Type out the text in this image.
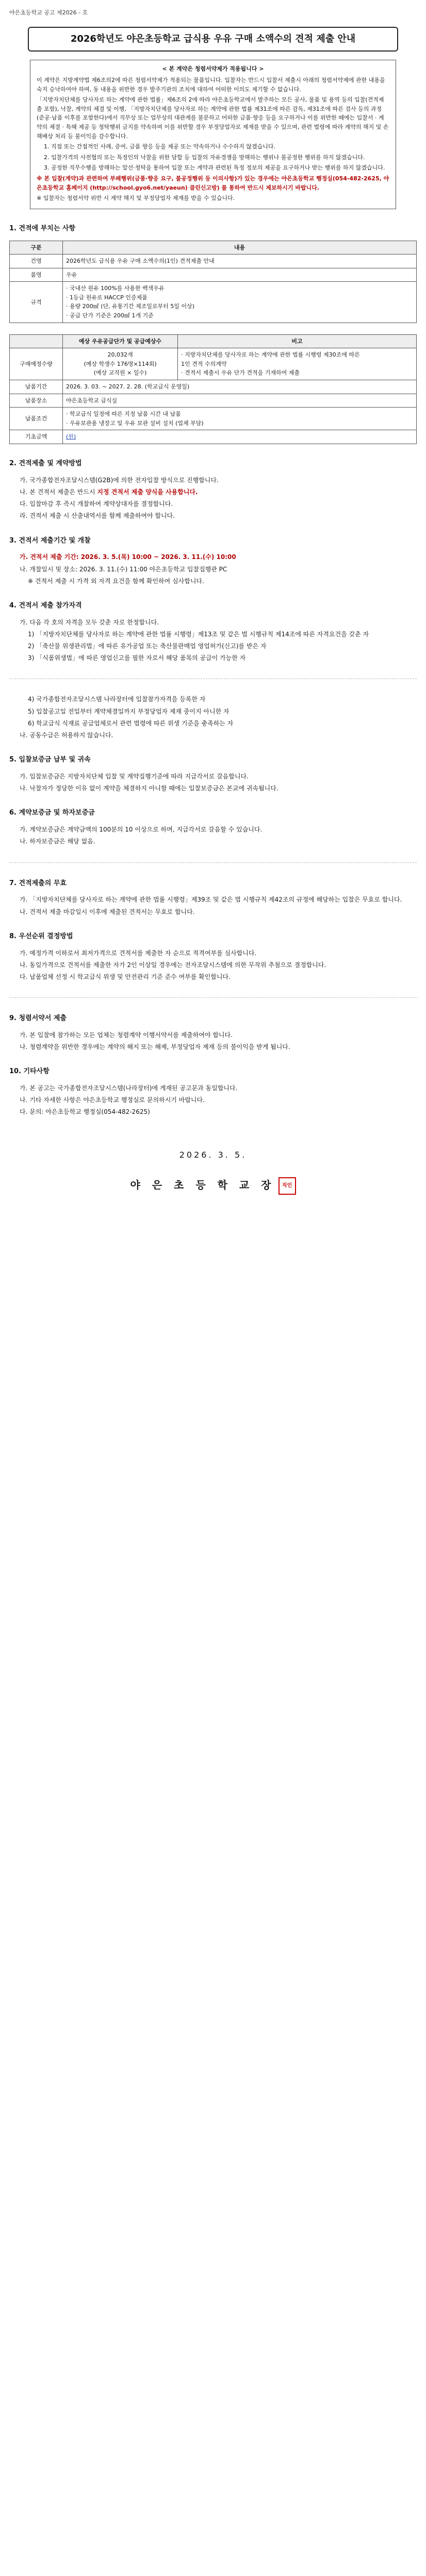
야은초등학교 공고 제2026 - 호
2026학년도 야은초등학교 급식용 우유 구매 소액수의 견적 제출 안내
< 본 계약은 청렴서약제가 적용됩니다 >

이 계약은 지방계약법 제6조의2에 따른 청렴서약제가 적용되는 물품입니다. 입찰자는 반드시 입찰서 제출시 아래의 청렴서약제에 관한 내용을 숙지 승낙하여야 하며, 동 내용을 위반한 경우 발주기관의 조치에 대하여 어떠한 이의도 제기할 수 없습니다.

「지방자치단체를 당사자로 하는 계약에 관한 법률」제6조의 2에 따라 야은초등학교에서 발주하는 모든 공사, 물품 및 용역 등의 입찰(견적제출 포함), 낙찰, 계약의 체결 및 이행, 「지방자치단체를 당사자로 하는 계약에 관한 법률 제31조에 따른 감독, 제31조에 따른 검사 등의 과정(준공·납품 이후를 포함한다)에서 직무상 또는 업무상의 대관계를 불문하고 어떠한 금품·향응 등을 요구하거나 이를 위반한 때에는 입찰서 · 계약의 체결 · 특혜 제공 등 청탁행위 금지를 약속하며 이를 위반할 경우 부정당업자로 제재를 받을 수 있으며, 관련 법령에 따라 계약의 해지 및 손해배상 처리 등 불이익을 감수합니다.

1. 직접 또는 간접적인 사례, 증여, 금품 향응 등을 제공 또는 약속하거나 수수하지 않겠습니다.

2. 입찰가격의 사전협의 또는 특정인의 낙찰을 위한 담합 등 입찰의 자유경쟁을 방해하는 행위나 불공정한 행위를 하지 않겠습니다.

3. 공정한 직무수행을 방해하는 알선·청탁을 통하여 입찰 또는 계약과 관련된 특정 정보의 제공을 요구하거나 받는 행위를 하지 않겠습니다.

※ 본 입찰(계약)과 관련하여 부패행위(금품·향응 요구, 불공정행위 등 이의사항)가 있는 경우에는 야은초등학교 행정실(054-482-2625, 야은초등학교 홈페이지 (http://school.gyo6.net/yaeun) 클린신고방) 를 통하여 반드시 제보하시기 바랍니다.

※ 입찰자는 청렴서약 위반 시 계약 해지 및 부정당업자 제재를 받을 수 있습니다.

1. 견적에 부치는 사항
구분	내용
건명	2026학년도 급식용 우유 구매 소액수의(1인) 견적제출 안내
품명	우유
규격	· 국내산 원유 100%를 사용한 백색우유
· 1등급 원유로 HACCP 인증제품
· 용량 200㎖ (단, 유통기간 제조일로부터 5일 이상)
· 공급 단가 기준은 200㎖ 1개 기준
	예상 우유공급단가 및 공급예상수	비고
구매예정수량	20,032개
(예상 학생수 176명×114회)
(예상 교직원 × 일수)	· 지방자치단체를 당사자로 하는 계약에 관한 법률 시행령 제30조에 따른
1인 견적 수의계약
· 견적서 제출시 우유 단가 견적을 기재하여 제출
납품기간	2026. 3. 03. ~ 2027. 2. 28. (학교급식 운영일)	
납품장소	야은초등학교 급식실	
납품조건	· 학교급식 일정에 따른 지정 납품 시간 내 납품
· 우유보관용 냉장고 및 우유 보관 설비 설치 (업체 부담)	
기초금액	(원)	
2. 견적제출 및 계약방법
가. 국가종합전자조달시스템(G2B)에 의한 전자입찰 방식으로 진행합니다.
나. 본 견적서 제출은 반드시 지정 견적서 제출 양식을 사용합니다.
다. 입찰마감 후 즉시 개찰하여 계약상대자를 결정합니다.
라. 견적서 제출 시 산출내역서를 함께 제출하여야 합니다.
3. 견적서 제출기간 및 개찰
가. 견적서 제출 기간: 2026. 3. 5.(목) 10:00 ~ 2026. 3. 11.(수) 10:00
나. 개찰일시 및 장소: 2026. 3. 11.(수) 11:00 야은초등학교 입찰집행관 PC
※ 견적서 제출 시 가격 외 자격 요건을 함께 확인하여 심사합니다.
4. 견적서 제출 참가자격
가. 다음 각 호의 자격을 모두 갖춘 자로 한정합니다.
1) 「지방자치단체를 당사자로 하는 계약에 관한 법률 시행령」제13조 및 같은 법 시행규칙 제14조에 따른 자격요건을 갖춘 자
2) 「축산물 위생관리법」에 따른 유가공업 또는 축산물판매업 영업허가(신고)를 받은 자
3) 「식품위생법」에 따른 영업신고를 필한 자로서 해당 품목의 공급이 가능한 자
4) 국가종합전자조달시스템 나라장터에 입찰참가자격을 등록한 자
5) 입찰공고일 전일부터 계약체결일까지 부정당업자 제재 중이지 아니한 자
6) 학교급식 식재료 공급업체로서 관련 법령에 따른 위생 기준을 충족하는 자
나. 공동수급은 허용하지 않습니다.
5. 입찰보증금 납부 및 귀속
가. 입찰보증금은 지방자치단체 입찰 및 계약집행기준에 따라 지급각서로 갈음합니다.
나. 낙찰자가 정당한 이유 없이 계약을 체결하지 아니할 때에는 입찰보증금은 본교에 귀속됩니다.
6. 계약보증금 및 하자보증금
가. 계약보증금은 계약금액의 100분의 10 이상으로 하며, 지급각서로 갈음할 수 있습니다.
나. 하자보증금은 해당 없음.
7. 견적제출의 무효
가. 「지방자치단체를 당사자로 하는 계약에 관한 법률 시행령」제39조 및 같은 법 시행규칙 제42조의 규정에 해당하는 입찰은 무효로 합니다.
나. 견적서 제출 마감일시 이후에 제출된 견적서는 무효로 합니다.
8. 우선순위 결정방법
가. 예정가격 이하로서 최저가격으로 견적서를 제출한 자 순으로 적격여부를 심사합니다.
나. 동일가격으로 견적서를 제출한 자가 2인 이상일 경우에는 전자조달시스템에 의한 무작위 추첨으로 결정합니다.
다. 납품업체 선정 시 학교급식 위생 및 안전관리 기준 준수 여부를 확인합니다.
9. 청렴서약서 제출
가. 본 입찰에 참가하는 모든 업체는 청렴계약 이행서약서를 제출하여야 합니다.
나. 청렴계약을 위반한 경우에는 계약의 해지 또는 해제, 부정당업자 제재 등의 불이익을 받게 됩니다.
10. 기타사항
가. 본 공고는 국가종합전자조달시스템(나라장터)에 게재된 공고문과 동일합니다.
나. 기타 자세한 사항은 야은초등학교 행정실로 문의하시기 바랍니다.
다. 문의: 야은초등학교 행정실(054-482-2625)
2026. 3. 5.
야 은 초 등 학 교 장 직인
